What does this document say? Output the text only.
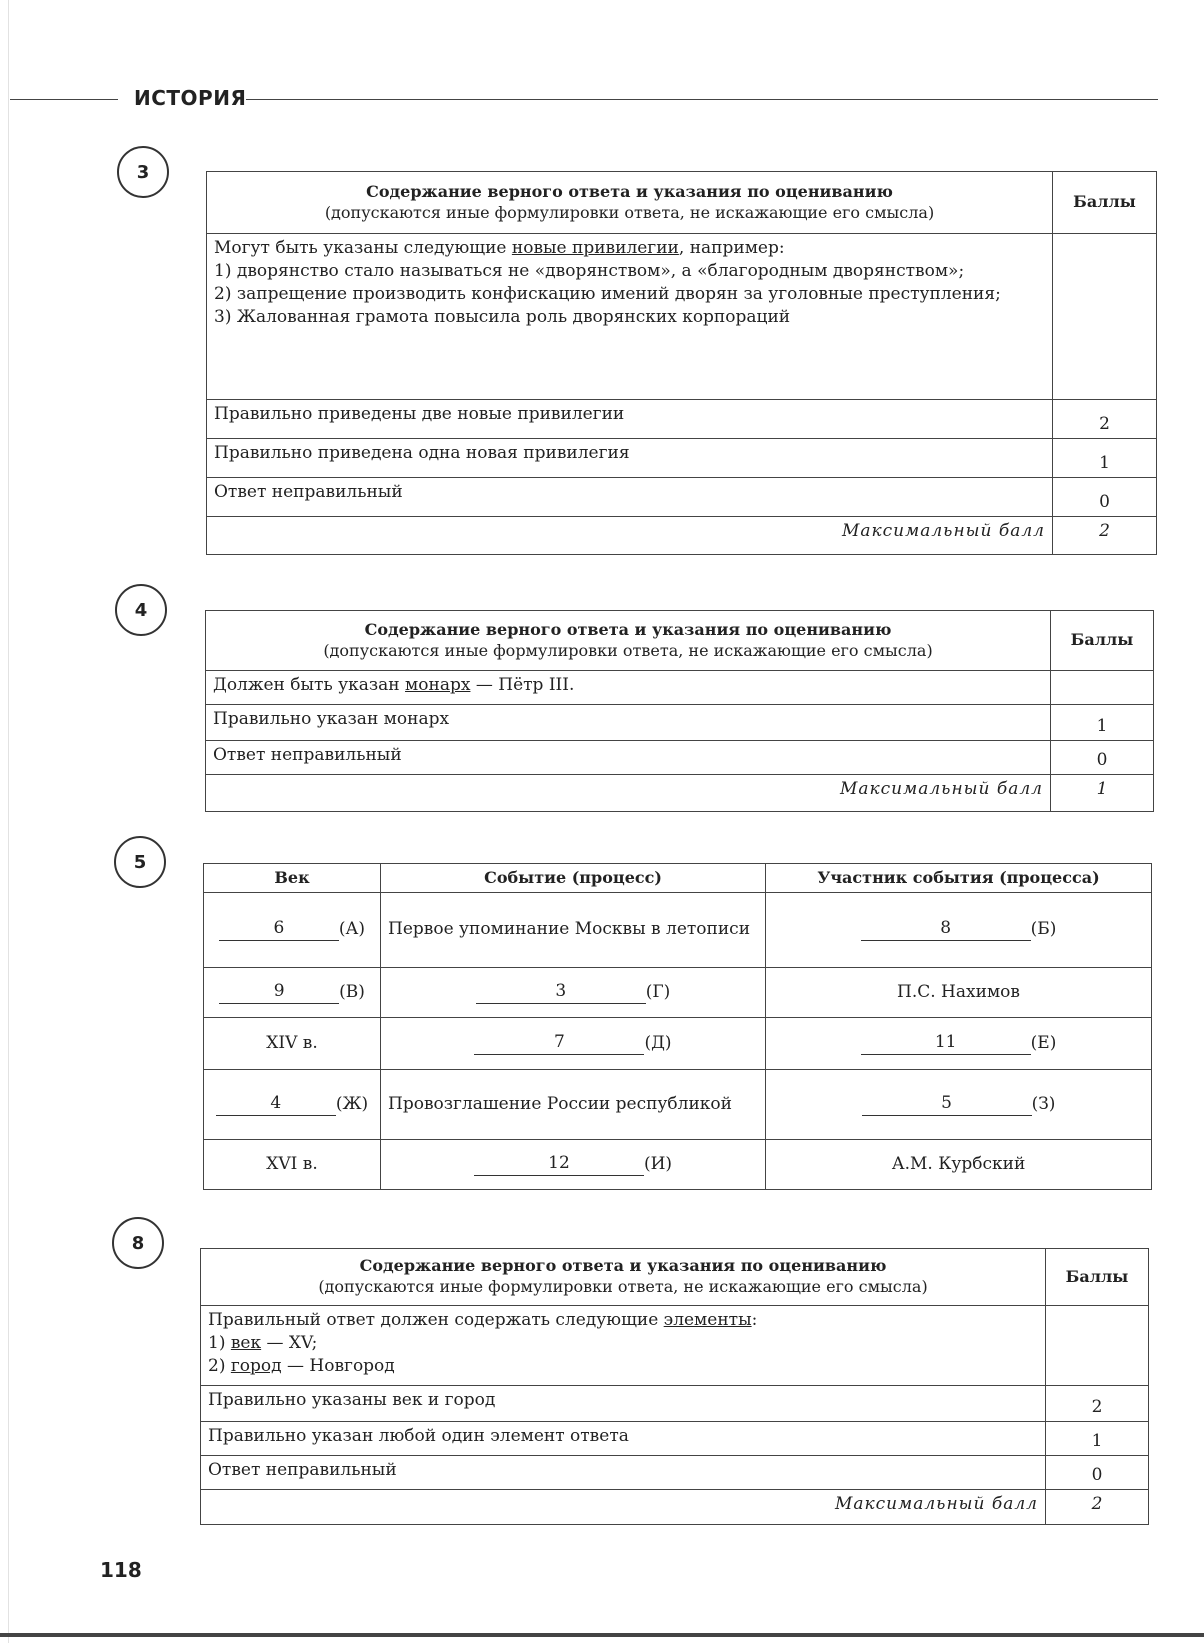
ИСТОРИЯ
3
Содержание верного ответа и указания по оцениванию
(допускаются иные формулировки ответа, не искажающие его смысла)	Баллы
Могут быть указаны следующие новые привилегии, например:
1) дворянство стало называться не «дворянством», а «благородным дворянством»;
2) запрещение производить конфискацию имений дворян за уголовные преступления;
3) Жалованная грамота повысила роль дворянских корпораций	
Правильно приведены две новые привилегии	2
Правильно приведена одна новая привилегия	1
Ответ неправильный	0
Максимальный балл	2
4
Содержание верного ответа и указания по оцениванию
(допускаются иные формулировки ответа, не искажающие его смысла)	Баллы
Должен быть указан монарх — Пётр III.	
Правильно указан монарх	1
Ответ неправильный	0
Максимальный балл	1
5
Век	Событие (процесс)	Участник события (процесса)
6 (А)	Первое упоминание Москвы в летописи	8 (Б)
9 (В)	3 (Г)	П.С. Нахимов
XIV в.	7 (Д)	11 (Е)
4 (Ж)	Провозглашение России республикой	5 (З)
XVI в.	12 (И)	А.М. Курбский
8
Содержание верного ответа и указания по оцениванию
(допускаются иные формулировки ответа, не искажающие его смысла)	Баллы
Правильный ответ должен содержать следующие элементы:
1) век — XV;
2) город — Новгород	
Правильно указаны век и город	2
Правильно указан любой один элемент ответа	1
Ответ неправильный	0
Максимальный балл	2
118
